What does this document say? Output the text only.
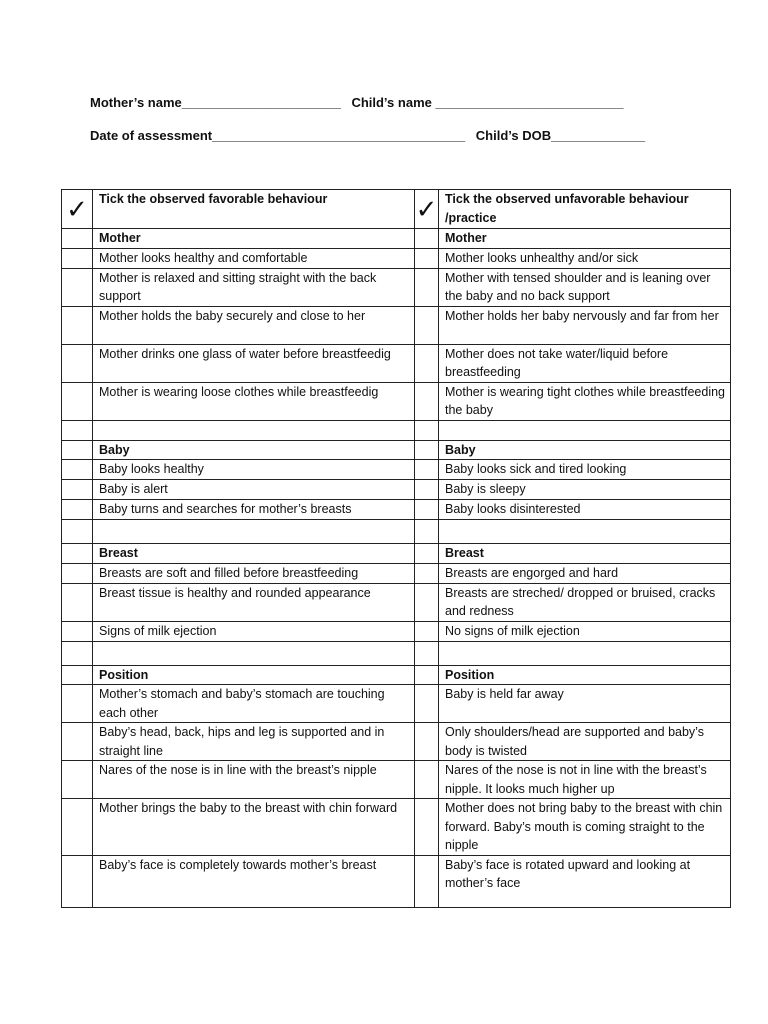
Mother’s name______________________ Child’s name __________________________
Date of assessment___________________________________ Child’s DOB_____________
✓	Tick the observed favorable behaviour	✓	Tick the observed unfavorable behaviour /practice
	Mother		Mother
	Mother looks healthy and comfortable		Mother looks unhealthy and/or sick
	Mother is relaxed and sitting straight with the back support		Mother with tensed shoulder and is leaning over the baby and no back support
	Mother holds the baby securely and close to her		Mother holds her baby nervously and far from her
	Mother drinks one glass of water before breastfeedig		Mother does not take water/liquid before breastfeeding
	Mother is wearing loose clothes while breastfeedig		Mother is wearing tight clothes while breastfeeding the baby

	Baby		Baby
	Baby looks healthy		Baby looks sick and tired looking
	Baby is alert		Baby is sleepy
	Baby turns and searches for mother’s breasts		Baby looks disinterested

	Breast		Breast
	Breasts are soft and filled before breastfeeding		Breasts are engorged and hard
	Breast tissue is healthy and rounded appearance		Breasts are streched/ dropped or bruised, cracks and redness
	Signs of milk ejection		No signs of milk ejection

	Position		Position
	Mother’s stomach and baby’s stomach are touching each other		Baby is held far away
	Baby’s head, back, hips and leg is supported and in straight line		Only shoulders/head are supported and baby’s body is twisted
	Nares of the nose is in line with the breast’s nipple		Nares of the nose is not in line with the breast’s nipple. It looks much higher up
	Mother brings the baby to the breast with chin forward		Mother does not bring baby to the breast with chin forward. Baby’s mouth is coming straight to the nipple
	Baby’s face is completely towards mother’s breast		Baby’s face is rotated upward and looking at mother’s face
